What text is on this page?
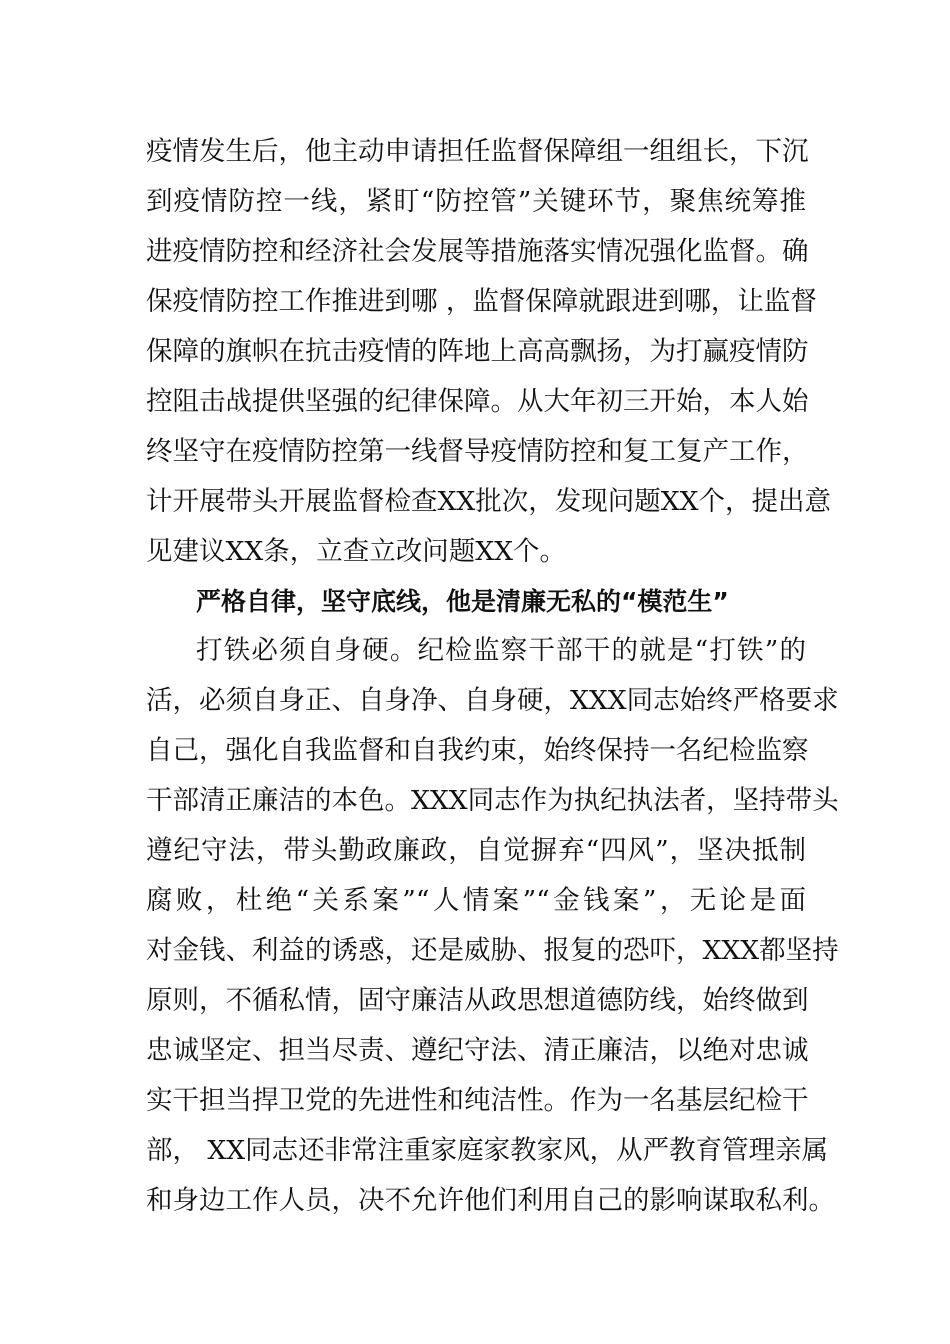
疫情发生后，他主动申请担任监督保障组一组组长，下沉
到疫情防控一线，紧盯“防控管”关键环节，聚焦统筹推
进疫情防控和经济社会发展等措施落实情况强化监督。确
保疫情防控工作推进到哪 ，监督保障就跟进到哪，让监督
保障的旗帜在抗击疫情的阵地上高高飘扬，为打赢疫情防
控阻击战提供坚强的纪律保障。从大年初三开始，本人始
终坚守在疫情防控第一线督导疫情防控和复工复产工作，
计开展带头开展监督检查XX批次，发现问题XX个，提出意
见建议XX条，立查立改问题XX个。
严格自律，坚守底线，他是清廉无私的“模范生”
打铁必须自身硬。纪检监察干部干的就是“打铁”的
活，必须自身正、自身净、自身硬，XXX同志始终严格要求
自己，强化自我监督和自我约束，始终保持一名纪检监察
干部清正廉洁的本色。XXX同志作为执纪执法者，坚持带头
遵纪守法，带头勤政廉政，自觉摒弃“四风”，坚决抵制
腐败，杜绝“关系案”“人情案”“金钱案”，无论是面
对金钱、利益的诱惑，还是威胁、报复的恐吓，XXX都坚持
原则，不循私情，固守廉洁从政思想道德防线，始终做到
忠诚坚定、担当尽责、遵纪守法、清正廉洁，以绝对忠诚
实干担当捍卫党的先进性和纯洁性。作为一名基层纪检干
部， XX同志还非常注重家庭家教家风，从严教育管理亲属
和身边工作人员，决不允许他们利用自己的影响谋取私利。
